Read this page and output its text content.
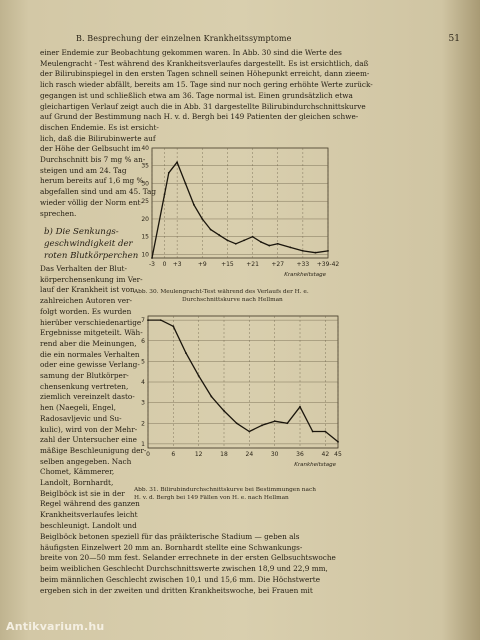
B. Besprechung der einzelnen Krankheitssymptome	51
einer Endemie zur Beobachtung gekommen waren. In Abb. 30 sind die Werte des
Meulengracht - Test während des Krankheitsverlaufes dargestellt. Es ist ersichtlich, daß
der Bilirubinspiegel in den ersten Tagen schnell seinen Höhepunkt erreicht, dann zieem-
lich rasch wieder abfällt, bereits am 15. Tage sind nur noch gering erhöhte Werte zurück-
gegangen ist und schließlich etwa am 36. Tage normal ist. Einen grundsätzlich etwa
gleichartigen Verlauf zeigt auch die in Abb. 31 dargestellte Bilirubindurchschnittskurve
auf Grund der Bestimmung nach H. v. d. Bergh bei 149 Patienten der gleichen schwe-
dischen Endemie. Es ist ersicht-
lich, daß die Bilirubinwerte auf
der Höhe der Gelbsucht im
Durchschnitt bis 7 mg % an-
steigen und am 24. Tag
herum bereits auf 1,6 mg %
abgefallen sind und am 45. Tag
wieder völlig der Norm ent-
sprechen.
b) Die Senkungs-
geschwindigkeit der
roten Blutkörperchen
Das Verhalten der Blut-
körperchensenkung im Ver-
lauf der Krankheit ist von
zahlreichen Autoren ver-
folgt worden. Es wurden
hierüber verschiedenartige
Ergebnisse mitgeteilt. Wäh-
rend aber die Meinungen,
die ein normales Verhalten
oder eine gewisse Verlang-
samung der Blutkörper-
chensenkung vertreten,
ziemlich vereinzelt dasto-
hen (Naegeli, Engel,
Radosavljevic und Su-
kulic), wird von der Mehr-
zahl der Untersucher eine
mäßige Beschleunigung der-
selben angegeben. Nach
Chomet, Kämmerer,
Landolt, Bornhardt,
Beiglböck ist sie in der
Regel während des ganzen
Krankheitsverlaufes leicht
beschleunigt. Landolt und
Beiglböck betonen speziell für das präikterische Stadium — geben als
häufigsten Einzelwert 20 mm an. Bornhardt stellte eine Schwankungs-
breite von 20—50 mm fest. Selander errechnete in der ersten Gelbsuchtswoche
beim weiblichen Geschlecht Durchschnittswerte zwischen 18,9 und 22,9 mm,
beim männlichen Geschlecht zwischen 10,1 und 15,6 mm. Die Höchstwerte
ergeben sich in der zweiten und dritten Krankheitswoche, bei Frauen mit
40
35
30
25
20
15
10
-3 0 +3	+9 +15 +21 +27 +33 +39-42
Krankheitstage
Abb. 30. Meulengracht-Test während des Verlaufs der H. e.
Durchschnittskurve nach Hellman
7
6
5
4
3
2
1
0	6	12	18	24	30	36	42 45
Krankheitstage
Abb. 31. Bilirubindurchschnittskurve bei Bestimmungen nach
H. v. d. Bergh bei 149 Fällen von H. e. nach Hellman
Antikvarium.hu
